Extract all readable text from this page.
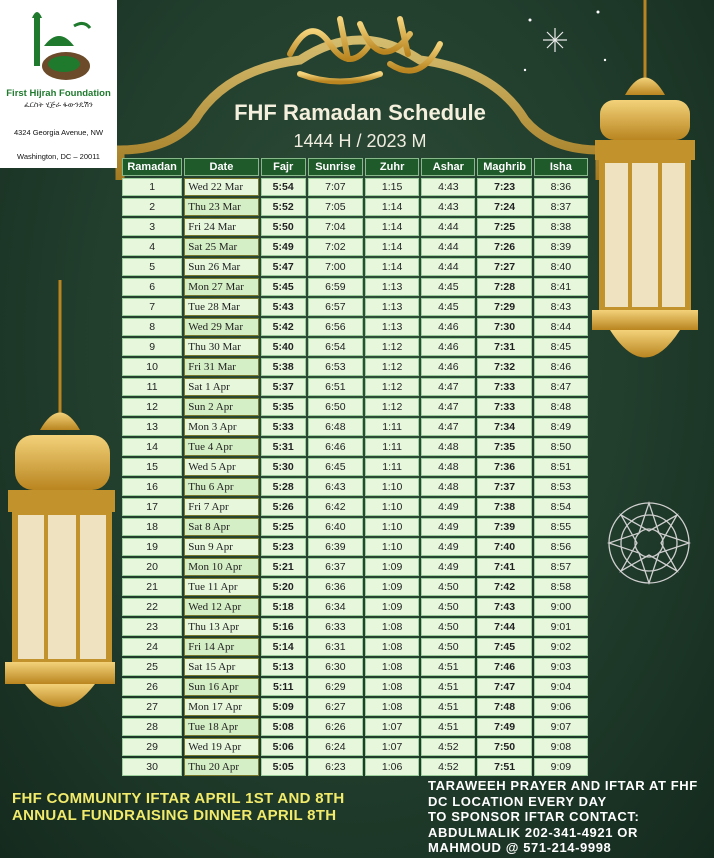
First Hijrah Foundation
ፈርስት ሂጅራ ፋውንዴሽን
4324 Georgia Avenue, NW
Washington, DC – 20011
FHF Ramadan Schedule
1444 H / 2023 M
Ramadan	Date	Fajr	Sunrise	Zuhr	Ashar	Maghrib	Isha
1	Wed 22 Mar	5:54	7:07	1:15	4:43	7:23	8:36
2	Thu 23 Mar	5:52	7:05	1:14	4:43	7:24	8:37
3	Fri 24 Mar	5:50	7:04	1:14	4:44	7:25	8:38
4	Sat 25 Mar	5:49	7:02	1:14	4:44	7:26	8:39
5	Sun 26 Mar	5:47	7:00	1:14	4:44	7:27	8:40
6	Mon 27 Mar	5:45	6:59	1:13	4:45	7:28	8:41
7	Tue 28 Mar	5:43	6:57	1:13	4:45	7:29	8:43
8	Wed 29 Mar	5:42	6:56	1:13	4:46	7:30	8:44
9	Thu 30 Mar	5:40	6:54	1:12	4:46	7:31	8:45
10	Fri 31 Mar	5:38	6:53	1:12	4:46	7:32	8:46
11	Sat 1 Apr	5:37	6:51	1:12	4:47	7:33	8:47
12	Sun 2 Apr	5:35	6:50	1:12	4:47	7:33	8:48
13	Mon 3 Apr	5:33	6:48	1:11	4:47	7:34	8:49
14	Tue 4 Apr	5:31	6:46	1:11	4:48	7:35	8:50
15	Wed 5 Apr	5:30	6:45	1:11	4:48	7:36	8:51
16	Thu 6 Apr	5:28	6:43	1:10	4:48	7:37	8:53
17	Fri 7 Apr	5:26	6:42	1:10	4:49	7:38	8:54
18	Sat 8 Apr	5:25	6:40	1:10	4:49	7:39	8:55
19	Sun 9 Apr	5:23	6:39	1:10	4:49	7:40	8:56
20	Mon 10 Apr	5:21	6:37	1:09	4:49	7:41	8:57
21	Tue 11 Apr	5:20	6:36	1:09	4:50	7:42	8:58
22	Wed 12 Apr	5:18	6:34	1:09	4:50	7:43	9:00
23	Thu 13 Apr	5:16	6:33	1:08	4:50	7:44	9:01
24	Fri 14 Apr	5:14	6:31	1:08	4:50	7:45	9:02
25	Sat 15 Apr	5:13	6:30	1:08	4:51	7:46	9:03
26	Sun 16 Apr	5:11	6:29	1:08	4:51	7:47	9:04
27	Mon 17 Apr	5:09	6:27	1:08	4:51	7:48	9:06
28	Tue 18 Apr	5:08	6:26	1:07	4:51	7:49	9:07
29	Wed 19 Apr	5:06	6:24	1:07	4:52	7:50	9:08
30	Thu 20 Apr	5:05	6:23	1:06	4:52	7:51	9:09
FHF COMMUNITY IFTAR APRIL 1ST AND 8TH
ANNUAL FUNDRAISING DINNER APRIL 8TH
TARAWEEH PRAYER AND IFTAR AT FHF
DC LOCATION EVERY DAY
TO SPONSOR IFTAR CONTACT:
ABDULMALIK 202-341-4921 OR
MAHMOUD @ 571-214-9998
